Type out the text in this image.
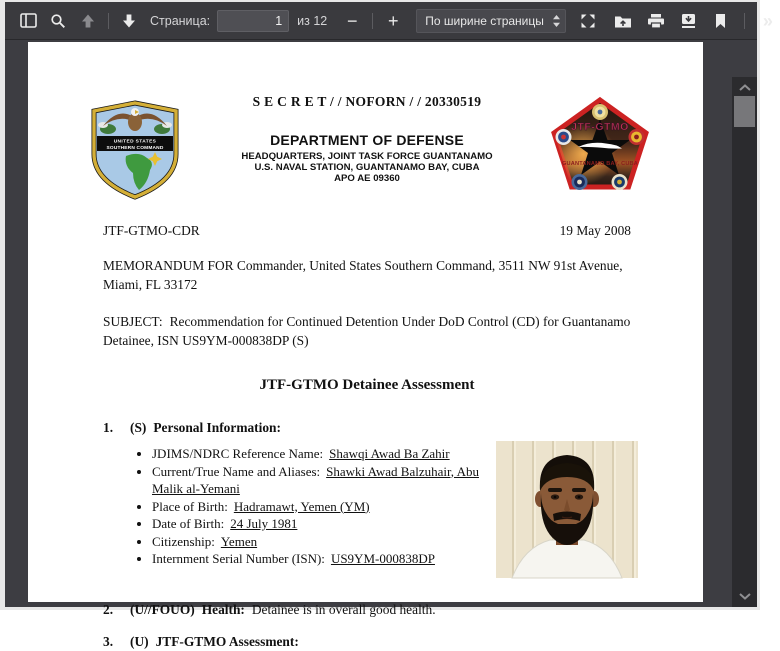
Страница:
1	из 12	−	+	По ширине страницы	»
S E C R E T / / NOFORN / / 20330519
UNITED STATES
SOUTHERN COMMAND
DEPARTMENT OF DEFENSE
HEADQUARTERS, JOINT TASK FORCE GUANTANAMO
U.S. NAVAL STATION, GUANTANAMO BAY, CUBA
APO AE 09360
JTF-GTMO
GUANTANAMO BAY, CUBA
JTF-GTMO-CDR	19 May 2008

MEMORANDUM FOR Commander, United States Southern Command, 3511 NW 91st Avenue, Miami, FL 33172

SUBJECT: Recommendation for Continued Detention Under DoD Control (CD) for Guantanamo Detainee, ISN US9YM-000838DP (S)

JTF-GTMO Detainee Assessment
1. (S) Personal Information:
• JDIMS/NDRC Reference Name: Shawqi Awad Ba Zahir
• Current/True Name and Aliases: Shawki Awad Balzuhair, Abu Malik al-Yemani
• Place of Birth: Hadramawt, Yemen (YM)
• Date of Birth: 24 July 1981
• Citizenship: Yemen
• Internment Serial Number (ISN): US9YM-000838DP
2. (U//FOUO) Health: Detainee is in overall good health.
3. (U) JTF-GTMO Assessment:
